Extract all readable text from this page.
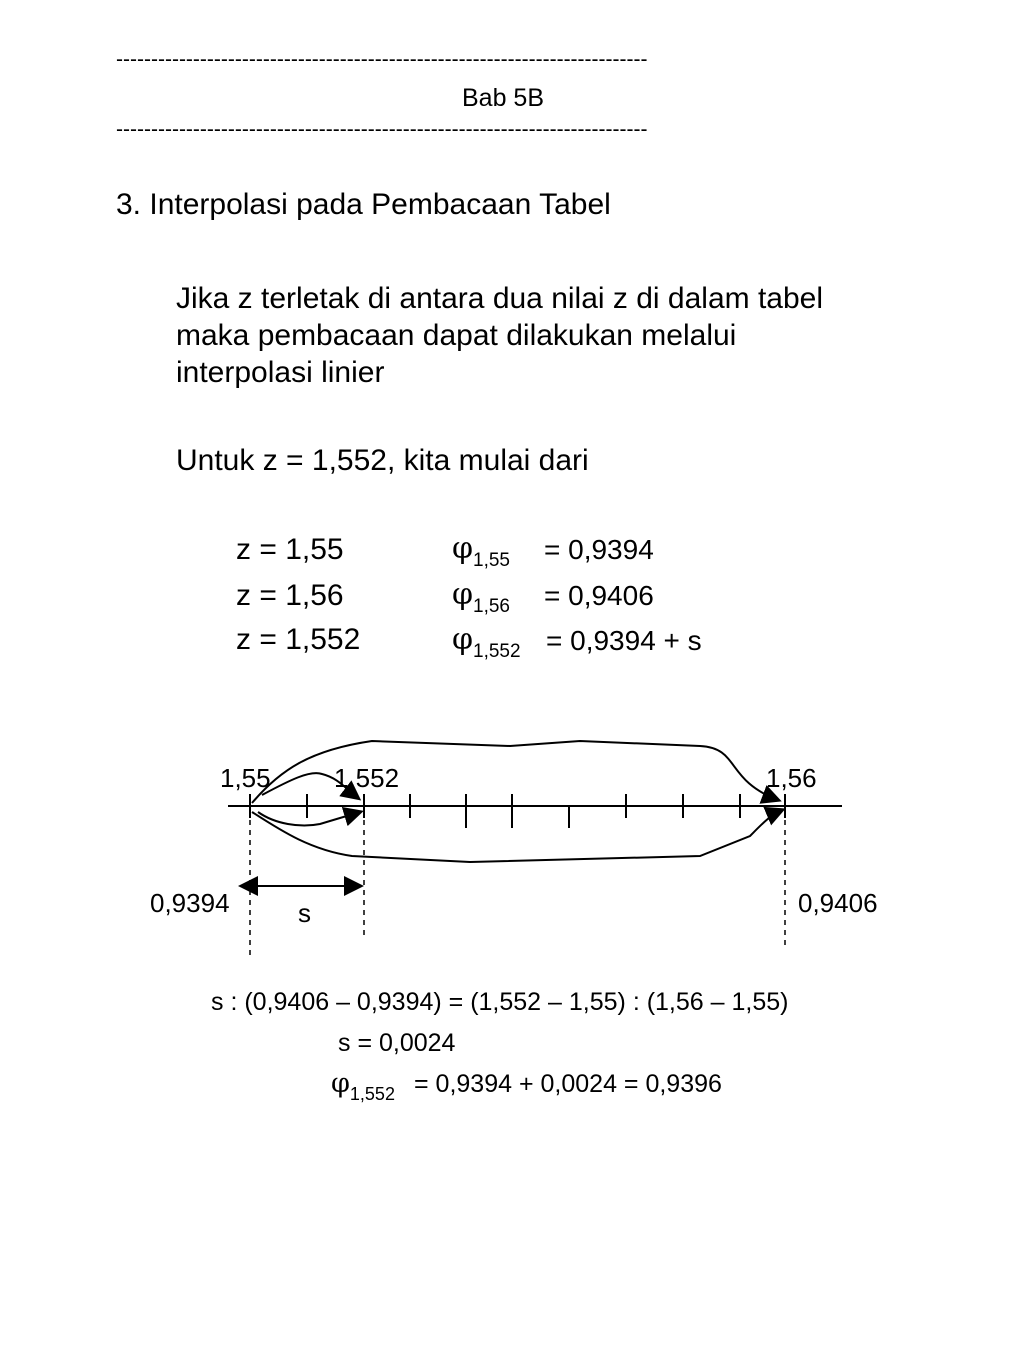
----------------------------------------------------------------------------
Bab 5B
----------------------------------------------------------------------------
3. Interpolasi pada Pembacaan Tabel
Jika z terletak di antara dua nilai z di dalam tabel
maka pembacaan dapat dilakukan melalui
interpolasi linier
Untuk z = 1,552, kita mulai dari
z = 1,55	φ1,55 = 0,9394
z = 1,56	φ1,56 = 0,9406
z = 1,552	φ1,552 = 0,9394 + s
1,55 1,552	1,56
0,9394	0,9406
s
s : (0,9406 – 0,9394) = (1,552 – 1,55) : (1,56 – 1,55)
s = 0,0024
φ1,552 = 0,9394 + 0,0024 = 0,9396
